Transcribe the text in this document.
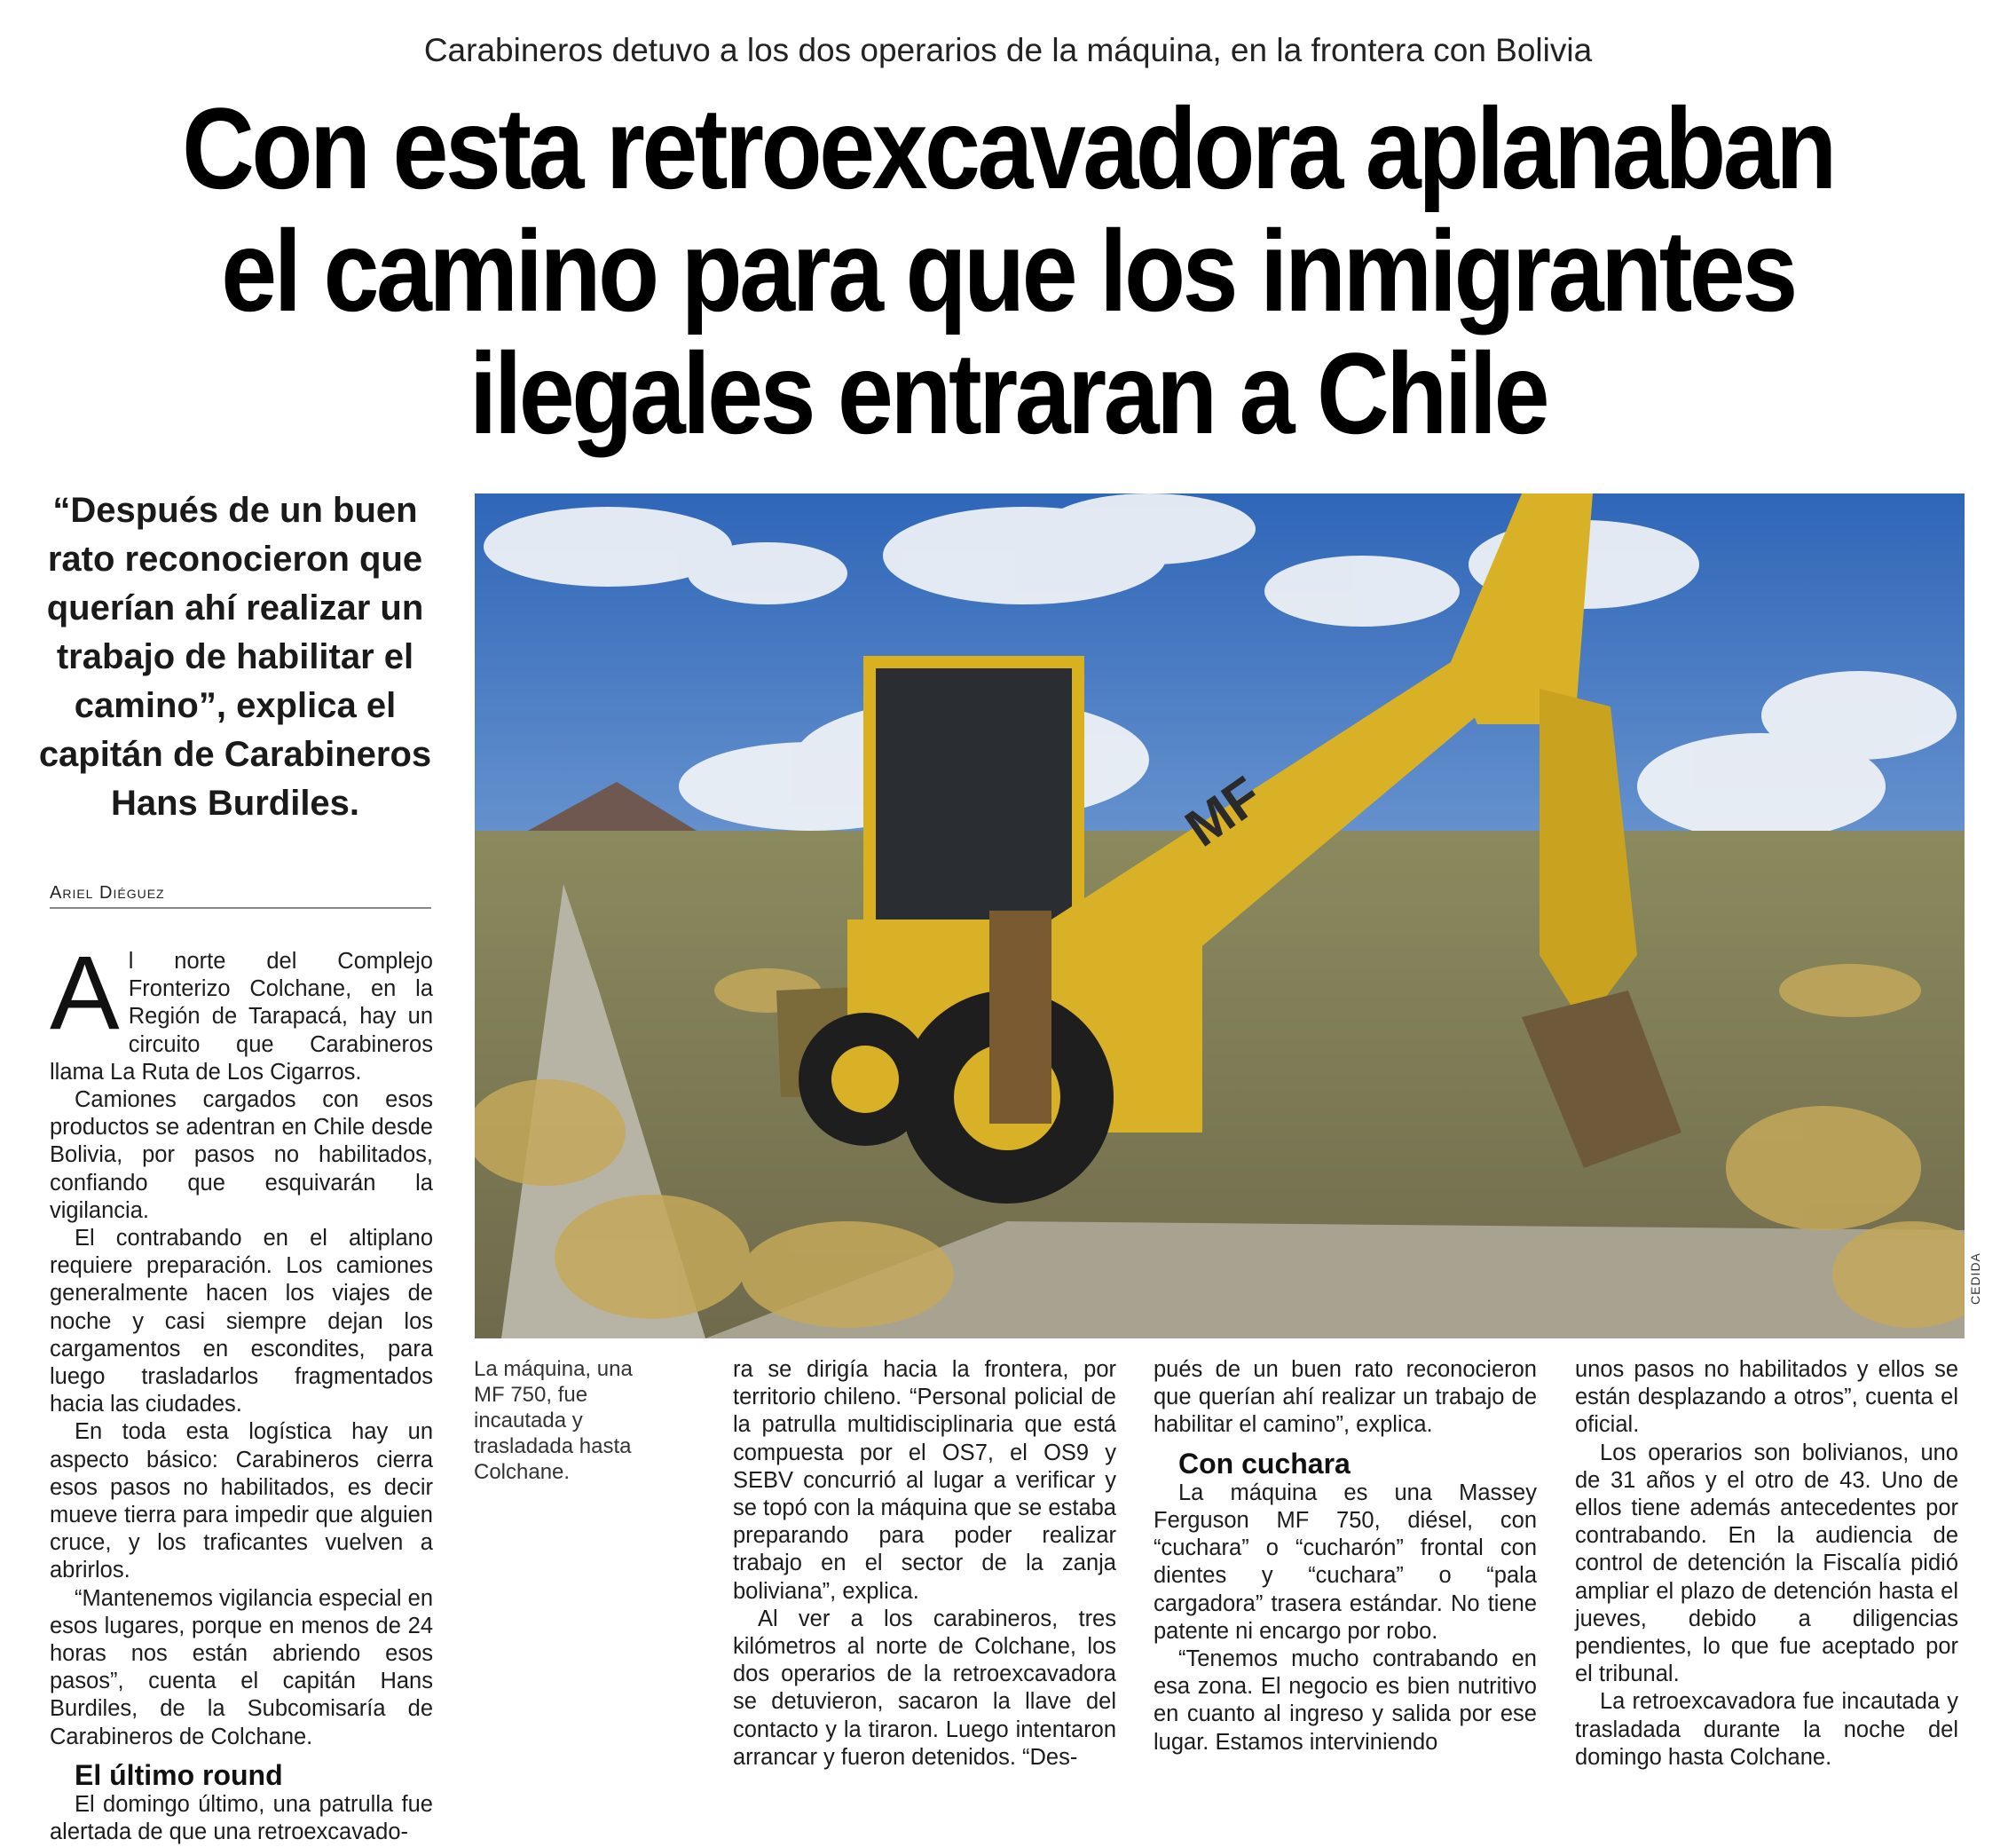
Carabineros detuvo a los dos operarios de la máquina, en la frontera con Bolivia
Con esta retroexcavadora aplanaban
el camino para que los inmigrantes
ilegales entraran a Chile
“Después de un buen rato reconocieron que querían ahí realizar un trabajo de habilitar el camino”, explica el capitán de Carabineros Hans Burdiles.
Ariel Diéguez
MF
CEDIDA
La máquina, una MF 750, fue incautada y trasladada hasta Colchane.

Al norte del Complejo Fronterizo Colchane, en la Región de Tarapacá, hay un circuito que Carabineros llama La Ruta de Los Cigarros.

Camiones cargados con esos productos se adentran en Chile desde Bolivia, por pasos no habilitados, confiando que esquivarán la vigilancia.

El contrabando en el altiplano requiere preparación. Los camiones generalmente hacen los viajes de noche y casi siempre dejan los cargamentos en escondites, para luego trasladarlos fragmentados hacia las ciudades.

En toda esta logística hay un aspecto básico: Carabineros cierra esos pasos no habilitados, es decir mueve tierra para impedir que alguien cruce, y los traficantes vuelven a abrirlos.

“Mantenemos vigilancia especial en esos lugares, porque en menos de 24 horas nos están abriendo esos pasos”, cuenta el capitán Hans Burdiles, de la Subcomisaría de Carabineros de Colchane.

El último round

El domingo último, una patrulla fue alertada de que una retroexcavado-

ra se dirigía hacia la frontera, por territorio chileno. “Personal policial de la patrulla multidisciplinaria que está compuesta por el OS7, el OS9 y SEBV concurrió al lugar a verificar y se topó con la máquina que se estaba preparando para poder realizar trabajo en el sector de la zanja boliviana”, explica.

Al ver a los carabineros, tres kilómetros al norte de Colchane, los dos operarios de la retroexcavadora se detuvieron, sacaron la llave del contacto y la tiraron. Luego intentaron arrancar y fueron detenidos. “Des-

pués de un buen rato reconocieron que querían ahí realizar un trabajo de habilitar el camino”, explica.

Con cuchara

La máquina es una Massey Ferguson MF 750, diésel, con “cuchara” o “cucharón” frontal con dientes y “cuchara” o “pala cargadora” trasera estándar. No tiene patente ni encargo por robo.

“Tenemos mucho contrabando en esa zona. El negocio es bien nutritivo en cuanto al ingreso y salida por ese lugar. Estamos interviniendo

unos pasos no habilitados y ellos se están desplazando a otros”, cuenta el oficial.

Los operarios son bolivianos, uno de 31 años y el otro de 43. Uno de ellos tiene además antecedentes por contrabando. En la audiencia de control de detención la Fiscalía pidió ampliar el plazo de detención hasta el jueves, debido a diligencias pendientes, lo que fue aceptado por el tribunal.

La retroexcavadora fue incautada y trasladada durante la noche del domingo hasta Colchane.
